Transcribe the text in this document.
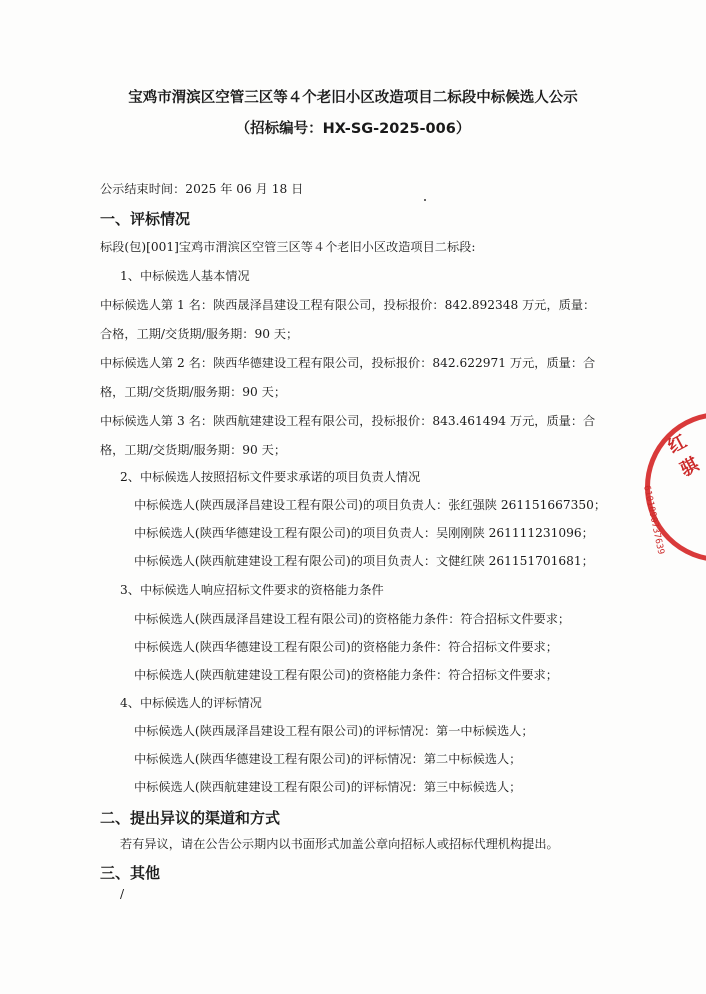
宝鸡市渭滨区空管三区等４个老旧小区改造项目二标段中标候选人公示
（招标编号：HX-SG-2025-006）
公示结束时间：2025 年 06 月 18 日
一、评标情况
标段(包)[001]宝鸡市渭滨区空管三区等４个老旧小区改造项目二标段:
1、中标候选人基本情况
中标候选人第 1 名：陕西晟泽昌建设工程有限公司，投标报价：842.892348 万元，质量：
合格，工期/交货期/服务期：90 天；
中标候选人第 2 名：陕西华德建设工程有限公司，投标报价：842.622971 万元，质量：合
格，工期/交货期/服务期：90 天；
中标候选人第 3 名：陕西航建建设工程有限公司，投标报价：843.461494 万元，质量：合
格，工期/交货期/服务期：90 天；
2、中标候选人按照招标文件要求承诺的项目负责人情况
中标候选人(陕西晟泽昌建设工程有限公司)的项目负责人：张红强陕 261151667350；
中标候选人(陕西华德建设工程有限公司)的项目负责人：吴刚刚陕 261111231096；
中标候选人(陕西航建建设工程有限公司)的项目负责人：文健红陕 261151701681；
3、中标候选人响应招标文件要求的资格能力条件
中标候选人(陕西晟泽昌建设工程有限公司)的资格能力条件：符合招标文件要求；
中标候选人(陕西华德建设工程有限公司)的资格能力条件：符合招标文件要求；
中标候选人(陕西航建建设工程有限公司)的资格能力条件：符合招标文件要求；
4、中标候选人的评标情况
中标候选人(陕西晟泽昌建设工程有限公司)的评标情况：第一中标候选人；
中标候选人(陕西华德建设工程有限公司)的评标情况：第二中标候选人；
中标候选人(陕西航建建设工程有限公司)的评标情况：第三中标候选人；
二、提出异议的渠道和方式
若有异议，请在公告公示期内以书面形式加盖公章向招标人或招标代理机构提出。
三、其他
/
红骐
6101090737639
